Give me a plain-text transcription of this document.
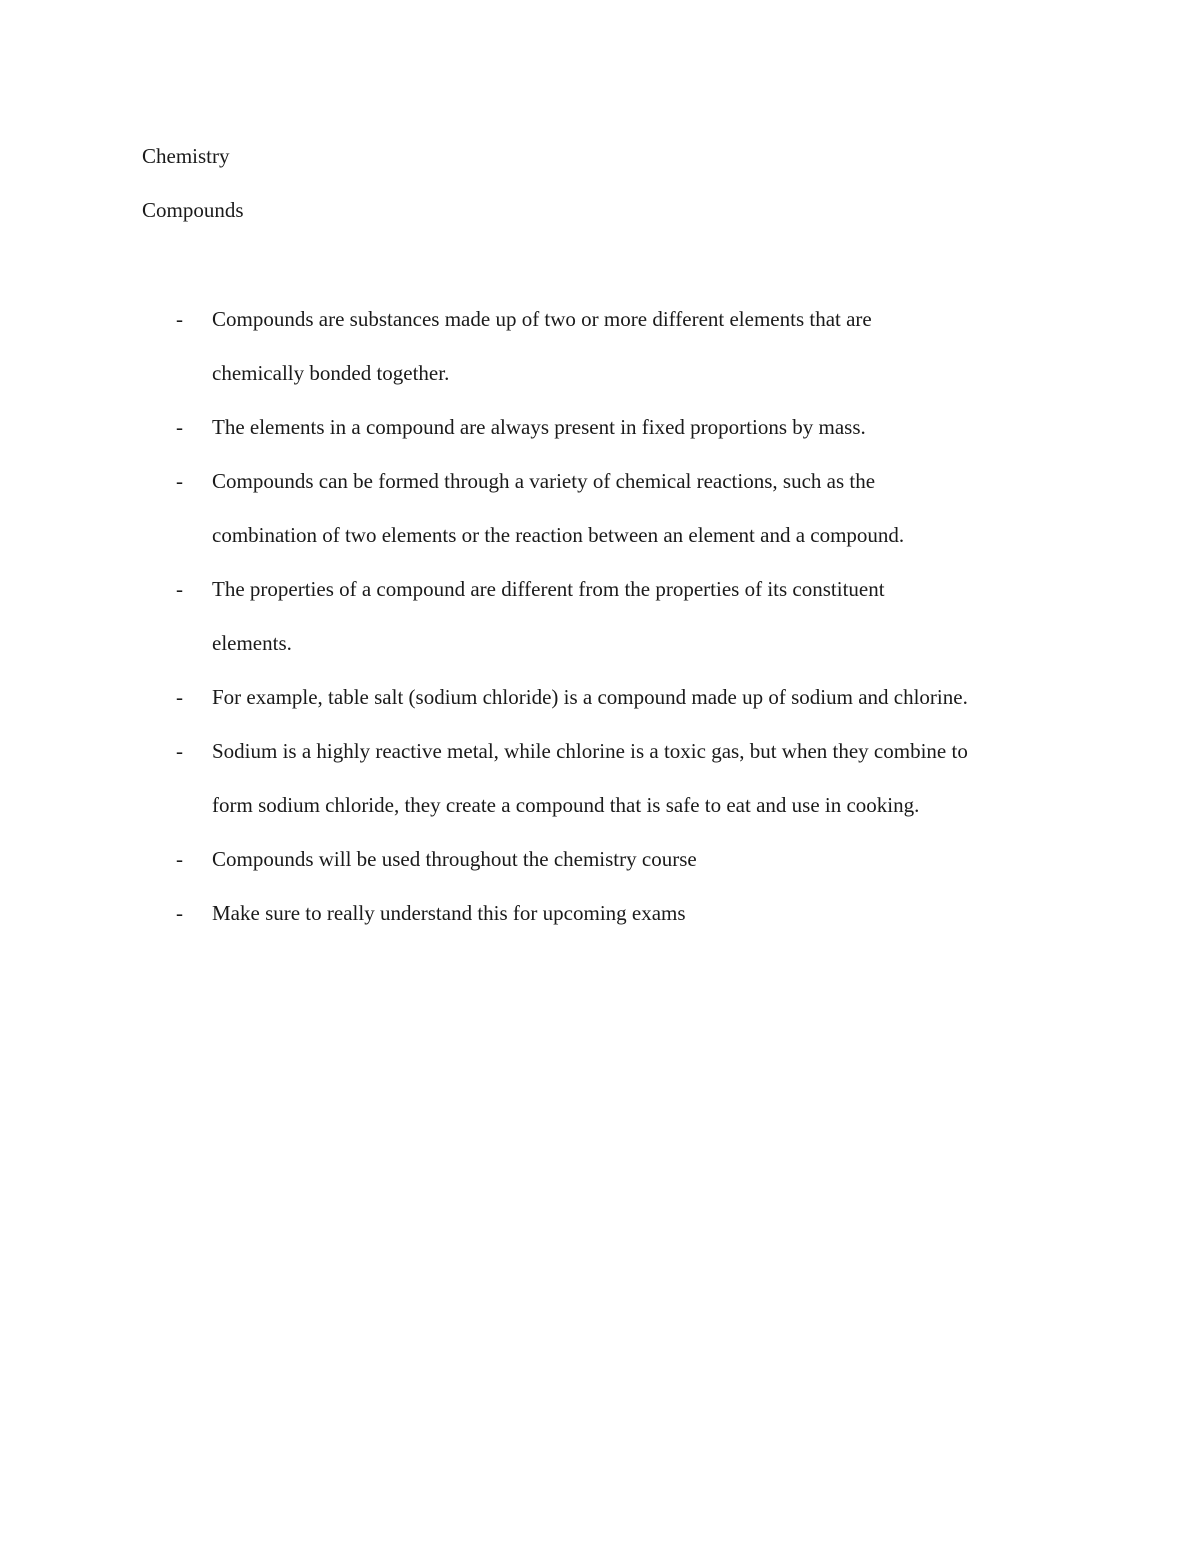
Chemistry
Compounds
- Compounds are substances made up of two or more different elements that are
chemically bonded together.
- The elements in a compound are always present in fixed proportions by mass.
- Compounds can be formed through a variety of chemical reactions, such as the
combination of two elements or the reaction between an element and a compound.
- The properties of a compound are different from the properties of its constituent
elements.
- For example, table salt (sodium chloride) is a compound made up of sodium and chlorine.
- Sodium is a highly reactive metal, while chlorine is a toxic gas, but when they combine to
form sodium chloride, they create a compound that is safe to eat and use in cooking.
- Compounds will be used throughout the chemistry course
- Make sure to really understand this for upcoming exams
